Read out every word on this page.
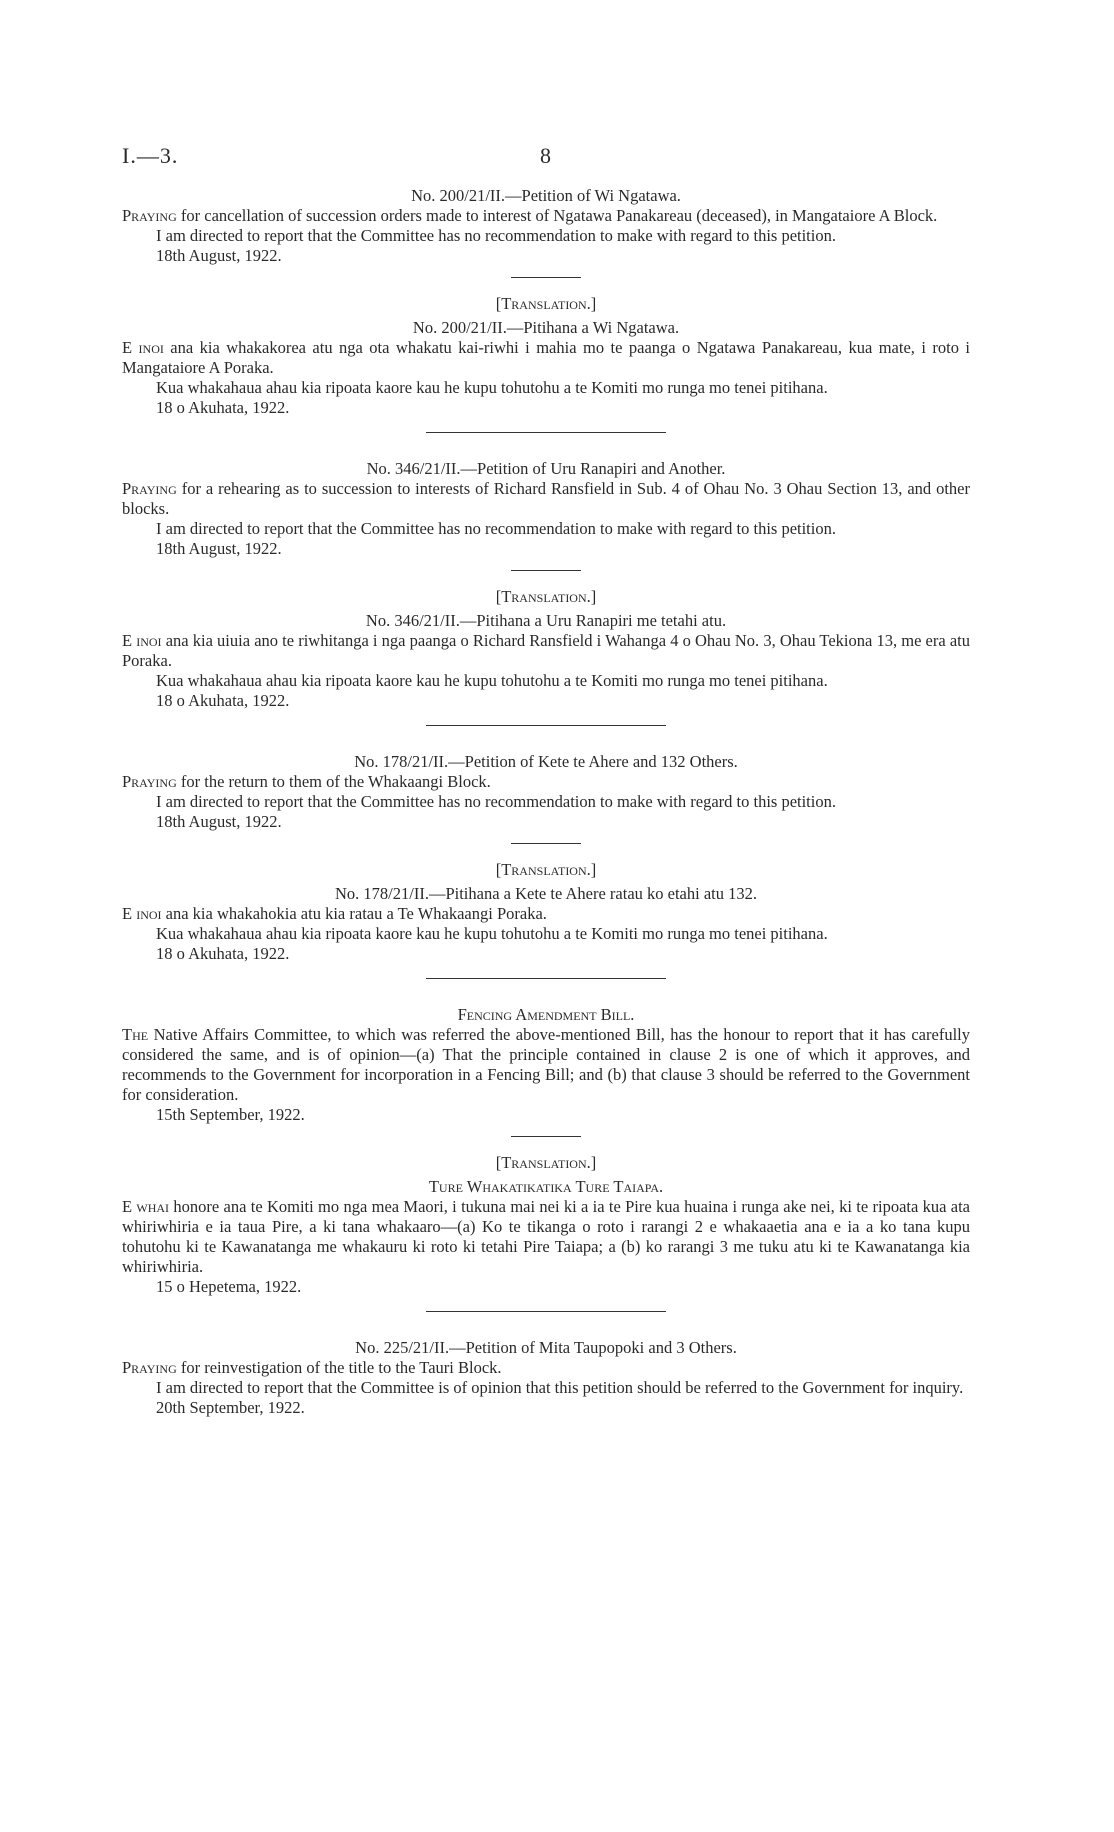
I.—3.	8

No. 200/21/II.—Petition of Wi Ngatawa.

Praying for cancellation of succession orders made to interest of Ngatawa Panakareau (deceased), in Mangataiore A Block.

I am directed to report that the Committee has no recommendation to make with regard to this petition.

18th August, 1922.

[Translation.]

No. 200/21/II.—Pitihana a Wi Ngatawa.

E inoi ana kia whakakorea atu nga ota whakatu kai-riwhi i mahia mo te paanga o Ngatawa Panakareau, kua mate, i roto i Mangataiore A Poraka.

Kua whakahaua ahau kia ripoata kaore kau he kupu tohutohu a te Komiti mo runga mo tenei pitihana.

18 o Akuhata, 1922.

No. 346/21/II.—Petition of Uru Ranapiri and Another.

Praying for a rehearing as to succession to interests of Richard Ransfield in Sub. 4 of Ohau No. 3 Ohau Section 13, and other blocks.

I am directed to report that the Committee has no recommendation to make with regard to this petition.

18th August, 1922.

[Translation.]

No. 346/21/II.—Pitihana a Uru Ranapiri me tetahi atu.

E inoi ana kia uiuia ano te riwhitanga i nga paanga o Richard Ransfield i Wahanga 4 o Ohau No. 3, Ohau Tekiona 13, me era atu Poraka.

Kua whakahaua ahau kia ripoata kaore kau he kupu tohutohu a te Komiti mo runga mo tenei pitihana.

18 o Akuhata, 1922.

No. 178/21/II.—Petition of Kete te Ahere and 132 Others.

Praying for the return to them of the Whakaangi Block.

I am directed to report that the Committee has no recommendation to make with regard to this petition.

18th August, 1922.

[Translation.]

No. 178/21/II.—Pitihana a Kete te Ahere ratau ko etahi atu 132.

E inoi ana kia whakahokia atu kia ratau a Te Whakaangi Poraka.

Kua whakahaua ahau kia ripoata kaore kau he kupu tohutohu a te Komiti mo runga mo tenei pitihana.

18 o Akuhata, 1922.

Fencing Amendment Bill.

The Native Affairs Committee, to which was referred the above-mentioned Bill, has the honour to report that it has carefully considered the same, and is of opinion—(a) That the principle contained in clause 2 is one of which it approves, and recommends to the Government for incorporation in a Fencing Bill; and (b) that clause 3 should be referred to the Government for consideration.

15th September, 1922.

[Translation.]

Ture Whakatikatika Ture Taiapa.

E whai honore ana te Komiti mo nga mea Maori, i tukuna mai nei ki a ia te Pire kua huaina i runga ake nei, ki te ripoata kua ata whiriwhiria e ia taua Pire, a ki tana whakaaro—(a) Ko te tikanga o roto i rarangi 2 e whakaaetia ana e ia a ko tana kupu tohutohu ki te Kawanatanga me whakauru ki roto ki tetahi Pire Taiapa; a (b) ko rarangi 3 me tuku atu ki te Kawanatanga kia whiriwhiria.

15 o Hepetema, 1922.

No. 225/21/II.—Petition of Mita Taupopoki and 3 Others.

Praying for reinvestigation of the title to the Tauri Block.

I am directed to report that the Committee is of opinion that this petition should be referred to the Government for inquiry.

20th September, 1922.
